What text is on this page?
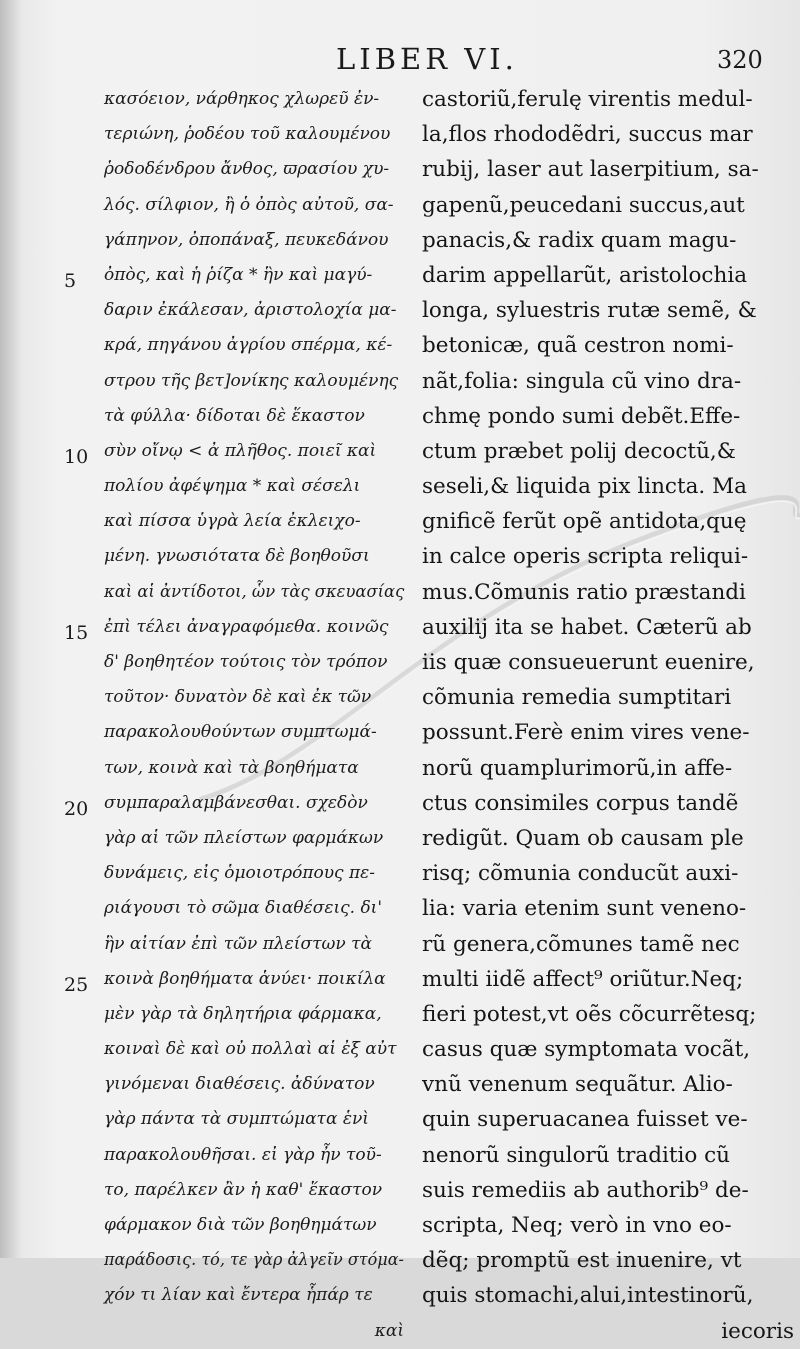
LIBER VI.	320
5
10
15
20
25
κασόειον, νάρθηκος χλωρεῦ ἐν-
τεριώνη, ῥοδέου τοῦ καλουμένου
ῥοδοδένδρου ἄνθος, ϖρασίου χυ-
λός. σίλφιον, ἢ ὁ ὀπὸς αὐτοῦ, σα-
γάπηνον, ὀποπάναξ, πευκεδάνου
ὀπὸς, καὶ ἡ ῥίζα * ἣν καὶ μαγύ-
δαριν ἐκάλεσαν, ἀριστολοχία μα-
κρά, πηγάνου ἀγρίου σπέρμα, κέ-
στρου τῆς βετ]ονίκης καλουμένης
τὰ φύλλα· δίδοται δὲ ἕκαστον
σὺν οἴνῳ < ἀ πλῆθος. ποιεῖ καὶ
πολίου ἀφέψημα * καὶ σέσελι
καὶ πίσσα ὑγρὰ λεία ἐκλειχο-
μένη. γνωσιότατα δὲ βοηθοῦσι
καὶ αἱ ἀντίδοτοι, ὧν τὰς σκευασίας
ἐπὶ τέλει ἀναγραφόμεθα. κοινῶς
δ' βοηθητέον τούτοις τὸν τρόπον
τοῦτον· δυνατὸν δὲ καὶ ἐκ τῶν
παρακολουθούντων συμπτωμά-
των, κοινὰ καὶ τὰ βοηθήματα
συμπαραλαμβάνεσθαι. σχεδὸν
γὰρ αἱ τῶν πλείστων φαρμάκων
δυνάμεις, εἰς ὁμοιοτρόπους πε-
ριάγουσι τὸ σῶμα διαθέσεις. δι'
ἣν αἰτίαν ἐπὶ τῶν πλείστων τὰ
κοινὰ βοηθήματα ἁνύει· ποικίλα
μὲν γὰρ τὰ δηλητήρια φάρμακα,
κοιναὶ δὲ καὶ οὐ πολλαὶ αἱ ἐξ αὐτ
γινόμεναι διαθέσεις. ἀδύνατον
γὰρ πάντα τὰ συμπτώματα ἑνὶ
παρακολουθῆσαι. εἰ γὰρ ἦν τοῦ-
το, παρέλκεν ἂν ἡ καθ' ἕκαστον
φάρμακον διὰ τῶν βοηθημάτων
παράδοσις. τό, τε γὰρ ἀλγεῖν στόμα-
χόν τι λίαν καὶ ἔντερα ἧπάρ τε
καὶ
castoriũ,ferulę virentis medul-
la,flos rhododẽdri, succus mar
rubij, laser aut laserpitium, sa-
gapenũ,peucedani succus,aut
panacis,& radix quam magu-
darim appellarũt, aristolochia
longa, syluestris rutæ semẽ, &
betonicæ, quã cestron nomi-
nãt,folia: singula cũ vino dra-
chmę pondo sumi debẽt.Effe-
ctum præbet polij decoctũ,&
seseli,& liquida pix lincta. Ma
gnificẽ ferũt opẽ antidota,quę
in calce operis scripta reliqui-
mus.Cõmunis ratio præstandi
auxilij ita se habet. Cæterũ ab
iis quæ consueuerunt euenire,
cõmunia remedia sumptitari
possunt.Ferè enim vires vene-
norũ quamplurimorũ,in affe-
ctus consimiles corpus tandẽ
redigũt. Quam ob causam ple
risq; cõmunia conducũt auxi-
lia: varia etenim sunt veneno-
rũ genera,cõmunes tamẽ nec
multi iidẽ affect⁹ oriũtur.Neq;
fieri potest,vt oẽs cõcurrẽtesq;
casus quæ symptomata vocãt,
vnũ venenum sequãtur. Alio-
quin superuacanea fuisset ve-
nenorũ singulorũ traditio cũ
suis remediis ab authorib⁹ de-
scripta, Neq; verò in vno eo-
dẽq; promptũ est inuenire, vt
quis stomachi,alui,intestinorũ,
iecoris
